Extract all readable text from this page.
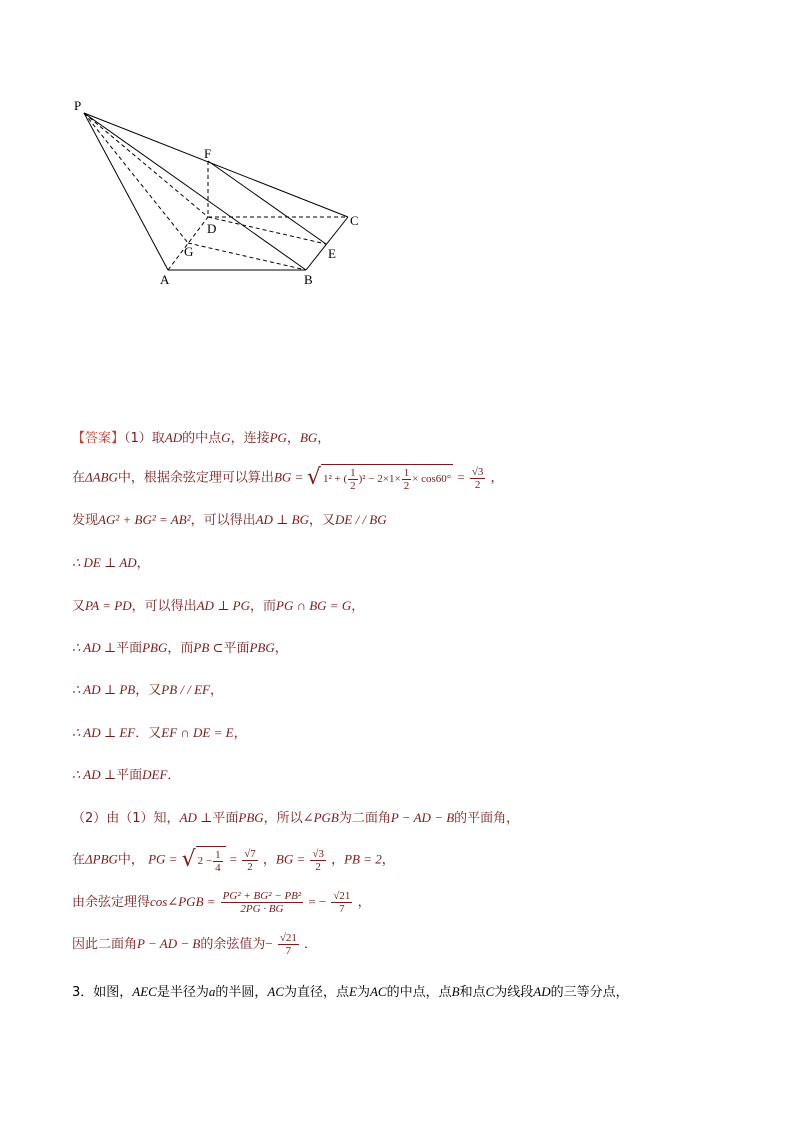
P
F
C
D
G	E
A	B
【答案】（1）取AD的中点G，连接PG，BG，
在ΔABG中，根据余弦定理可以算出BG = √ 1² + ( $\frac{1}{2} )^2 - 2\times 1\times \frac{1}{2} \times \cos 60^\circ = \frac{√3}{2}$ ，
发现AG² + BG² = AB²，可以得出AD ⊥ BG，又DE / / BG
∴ DE ⊥ AD，
又PA = PD，可以得出AD ⊥ PG，而PG ∩ BG = G，
∴ AD ⊥平面PBG，而PB ⊂平面PBG，
∴ AD ⊥ PB，又PB / / EF，
∴ AD ⊥ EF．又EF ∩ DE = E，
∴ AD ⊥平面DEF．
（2）由（1）知，AD ⊥平面PBG，所以∠PGB为二面角P − AD − B的平面角，
在ΔPBG中， PG = √ $2 - \frac{1}{4} = \frac{√7}{2}$ ，BG = $\frac{√3}{2}$ ，PB = 2，
由余弦定理得cos∠PGB = $\frac{\text{PG² + BG² − PB²}}{2PG \cdot BG}$ = − $\frac{√21}{7}$ ，
因此二面角P − AD − B的余弦值为− $\frac{√21}{7}$ ．
3．如图，AEC是半径为a的半圆，AC为直径，点E为AC的中点，点B和点C为线段AD的三等分点，
